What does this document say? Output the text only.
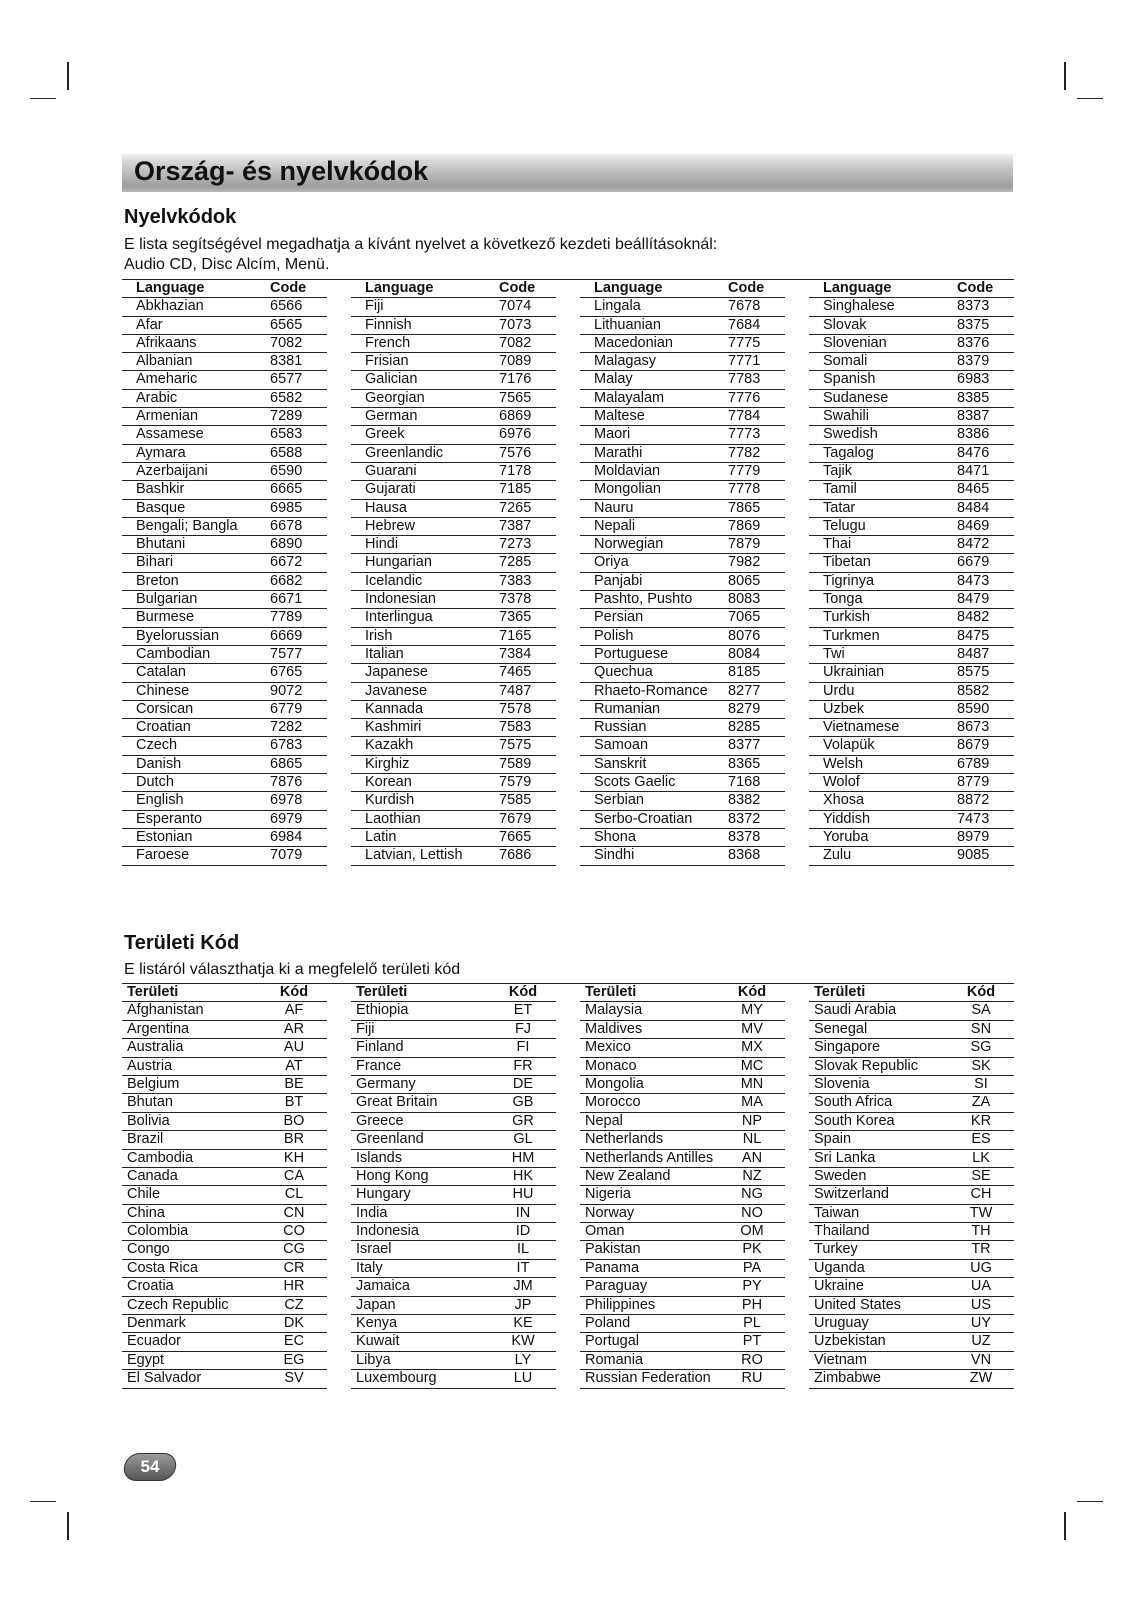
Ország- és nyelvkódok
Nyelvkódok
E lista segítségével megadhatja a kívánt nyelvet a következő kezdeti beállításoknál:
Audio CD, Disc Alcím, Menü.
Language	Code
Abkhazian	6566
Afar	6565
Afrikaans	7082
Albanian	8381
Ameharic	6577
Arabic	6582
Armenian	7289
Assamese	6583
Aymara	6588
Azerbaijani	6590
Bashkir	6665
Basque	6985
Bengali; Bangla	6678
Bhutani	6890
Bihari	6672
Breton	6682
Bulgarian	6671
Burmese	7789
Byelorussian	6669
Cambodian	7577
Catalan	6765
Chinese	9072
Corsican	6779
Croatian	7282
Czech	6783
Danish	6865
Dutch	7876
English	6978
Esperanto	6979
Estonian	6984
Faroese	7079
Language	Code
Fiji	7074
Finnish	7073
French	7082
Frisian	7089
Galician	7176
Georgian	7565
German	6869
Greek	6976
Greenlandic	7576
Guarani	7178
Gujarati	7185
Hausa	7265
Hebrew	7387
Hindi	7273
Hungarian	7285
Icelandic	7383
Indonesian	7378
Interlingua	7365
Irish	7165
Italian	7384
Japanese	7465
Javanese	7487
Kannada	7578
Kashmiri	7583
Kazakh	7575
Kirghiz	7589
Korean	7579
Kurdish	7585
Laothian	7679
Latin	7665
Latvian, Lettish	7686
Language	Code
Lingala	7678
Lithuanian	7684
Macedonian	7775
Malagasy	7771
Malay	7783
Malayalam	7776
Maltese	7784
Maori	7773
Marathi	7782
Moldavian	7779
Mongolian	7778
Nauru	7865
Nepali	7869
Norwegian	7879
Oriya	7982
Panjabi	8065
Pashto, Pushto	8083
Persian	7065
Polish	8076
Portuguese	8084
Quechua	8185
Rhaeto-Romance	8277
Rumanian	8279
Russian	8285
Samoan	8377
Sanskrit	8365
Scots Gaelic	7168
Serbian	8382
Serbo-Croatian	8372
Shona	8378
Sindhi	8368
Language	Code
Singhalese	8373
Slovak	8375
Slovenian	8376
Somali	8379
Spanish	6983
Sudanese	8385
Swahili	8387
Swedish	8386
Tagalog	8476
Tajik	8471
Tamil	8465
Tatar	8484
Telugu	8469
Thai	8472
Tibetan	6679
Tigrinya	8473
Tonga	8479
Turkish	8482
Turkmen	8475
Twi	8487
Ukrainian	8575
Urdu	8582
Uzbek	8590
Vietnamese	8673
Volapük	8679
Welsh	6789
Wolof	8779
Xhosa	8872
Yiddish	7473
Yoruba	8979
Zulu	9085
Területi Kód
E listáról választhatja ki a megfelelő területi kód
Területi	Kód
Afghanistan	AF
Argentina	AR
Australia	AU
Austria	AT
Belgium	BE
Bhutan	BT
Bolivia	BO
Brazil	BR
Cambodia	KH
Canada	CA
Chile	CL
China	CN
Colombia	CO
Congo	CG
Costa Rica	CR
Croatia	HR
Czech Republic	CZ
Denmark	DK
Ecuador	EC
Egypt	EG
El Salvador	SV
Területi	Kód
Ethiopia	ET
Fiji	FJ
Finland	FI
France	FR
Germany	DE
Great Britain	GB
Greece	GR
Greenland	GL
Islands	HM
Hong Kong	HK
Hungary	HU
India	IN
Indonesia	ID
Israel	IL
Italy	IT
Jamaica	JM
Japan	JP
Kenya	KE
Kuwait	KW
Libya	LY
Luxembourg	LU
Területi	Kód
Malaysia	MY
Maldives	MV
Mexico	MX
Monaco	MC
Mongolia	MN
Morocco	MA
Nepal	NP
Netherlands	NL
Netherlands Antilles	AN
New Zealand	NZ
Nigeria	NG
Norway	NO
Oman	OM
Pakistan	PK
Panama	PA
Paraguay	PY
Philippines	PH
Poland	PL
Portugal	PT
Romania	RO
Russian Federation	RU
Területi	Kód
Saudi Arabia	SA
Senegal	SN
Singapore	SG
Slovak Republic	SK
Slovenia	SI
South Africa	ZA
South Korea	KR
Spain	ES
Sri Lanka	LK
Sweden	SE
Switzerland	CH
Taiwan	TW
Thailand	TH
Turkey	TR
Uganda	UG
Ukraine	UA
United States	US
Uruguay	UY
Uzbekistan	UZ
Vietnam	VN
Zimbabwe	ZW
54
